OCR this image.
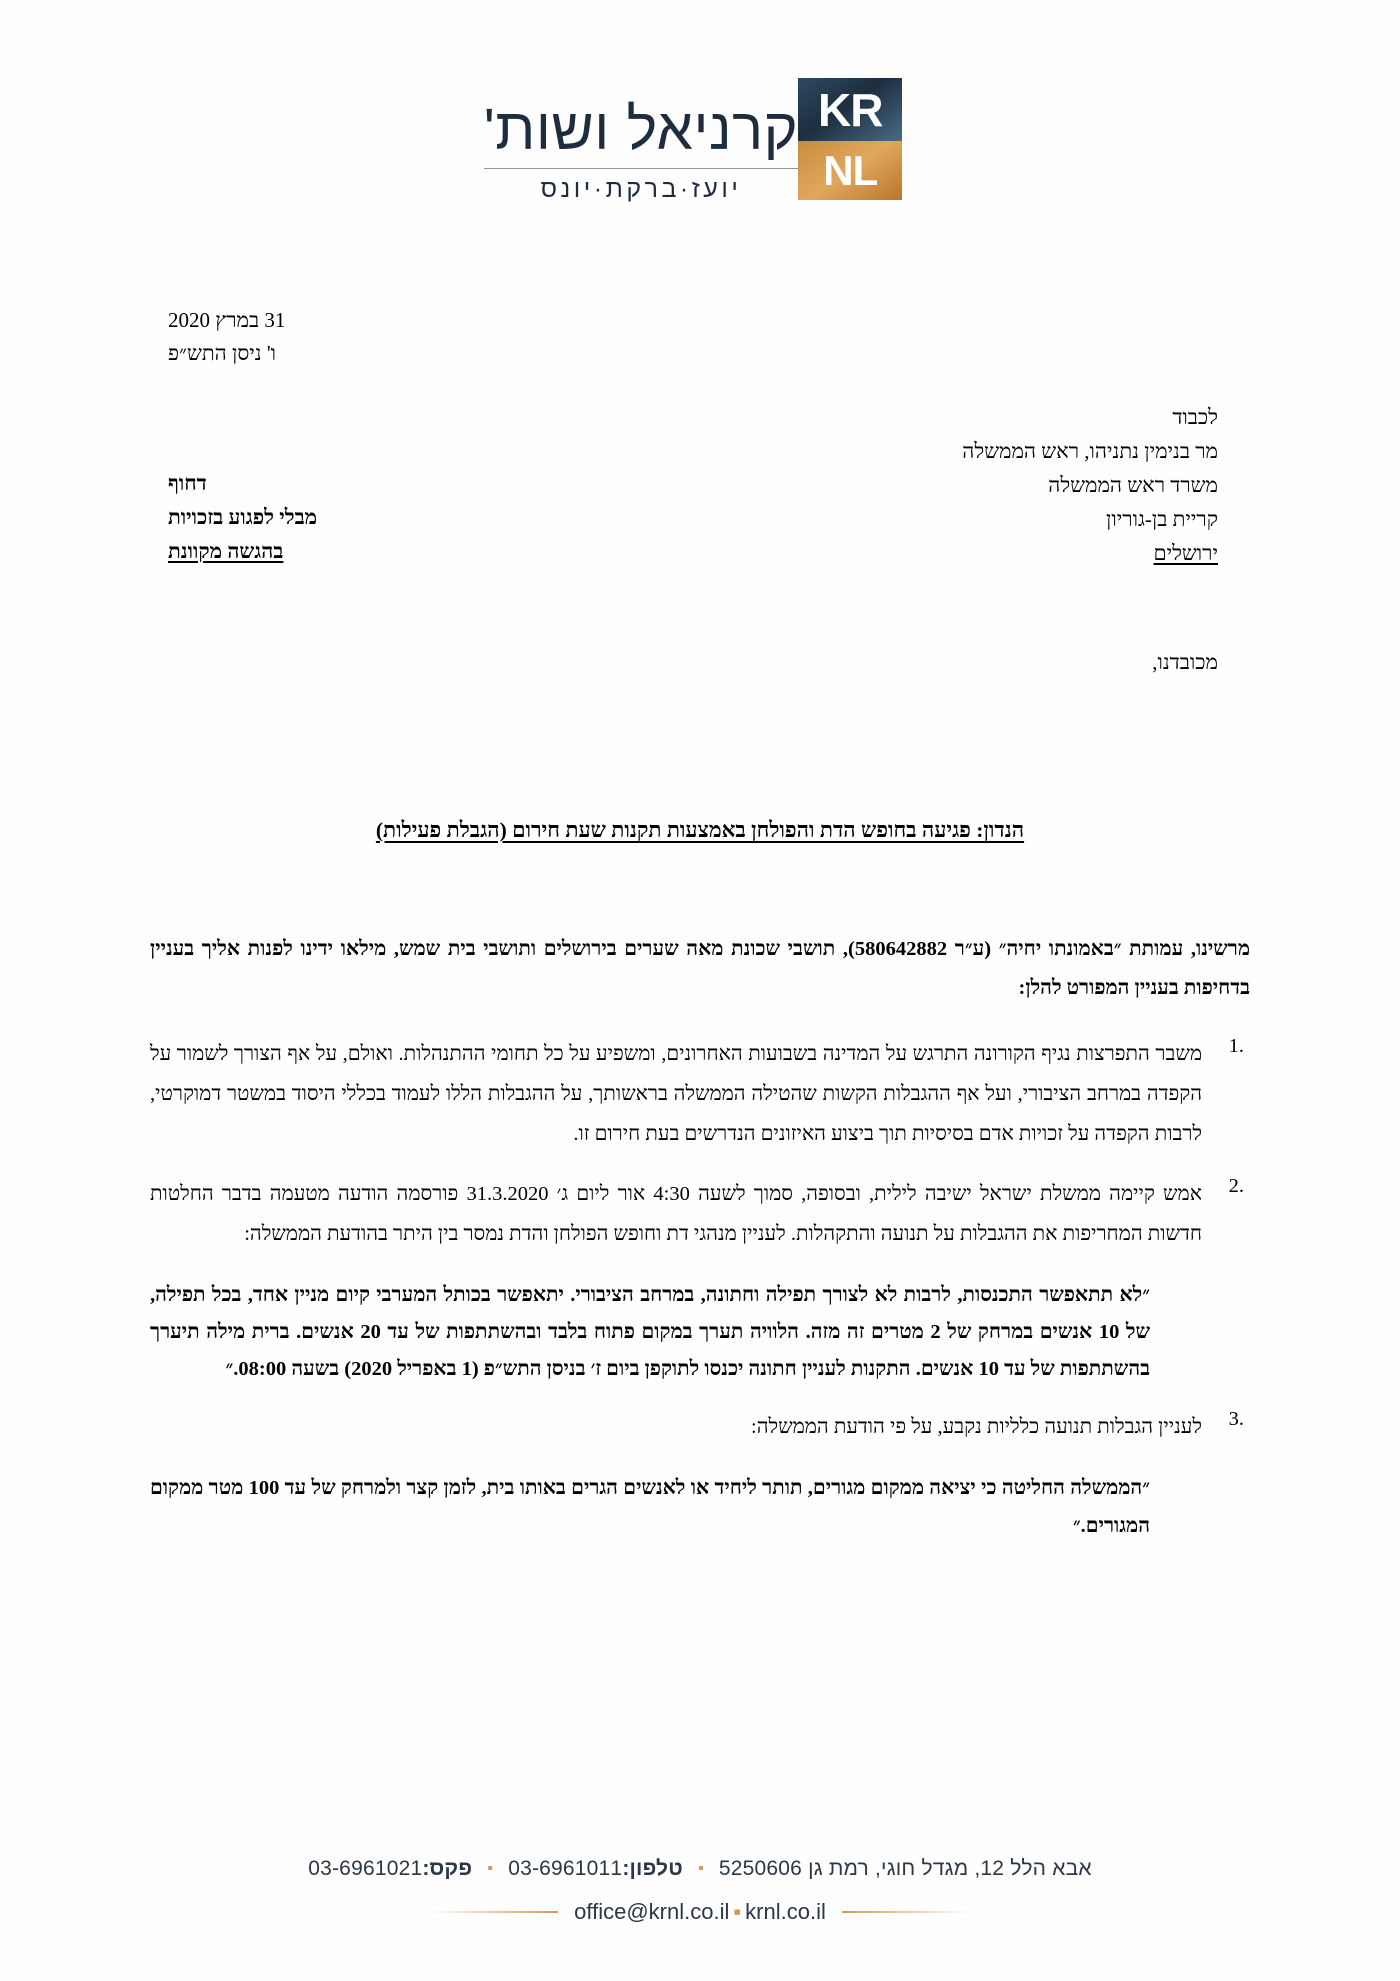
KR
NL
קרניאל ושות'
יועז·ברקת·יונס
31 במרץ 2020
ו' ניסן התש״פ
לכבוד
מר בנימין נתניהו, ראש הממשלה
משרד ראש הממשלה
קריית בן-גוריון
ירושלים
דחוף
מבלי לפגוע בזכויות
בהגשה מקוונת
מכובדנו,
הנדון: פגיעה בחופש הדת והפולחן באמצעות תקנות שעת חירום (הגבלת פעילות)
מרשינו, עמותת ״באמונתו יחיה״ (ע״ר 580642882), תושבי שכונת מאה שערים בירושלים ותושבי בית שמש, מילאו ידינו לפנות אליך בעניין בדחיפות בעניין המפורט להלן:
משבר התפרצות נגיף הקורונה התרגש על המדינה בשבועות האחרונים, ומשפיע על כל תחומי ההתנהלות. ואולם, על אף הצורך לשמור על הקפדה במרחב הציבורי, ועל אף ההגבלות הקשות שהטילה הממשלה בראשותך, על ההגבלות הללו לעמוד בכללי היסוד במשטר דמוקרטי, לרבות הקפדה על זכויות אדם בסיסיות תוך ביצוע האיזונים הנדרשים בעת חירום זו.
אמש קיימה ממשלת ישראל ישיבה לילית, ובסופה, סמוך לשעה 4:30 אור ליום ג׳ 31.3.2020 פורסמה הודעה מטעמה בדבר החלטות חדשות המחריפות את ההגבלות על תנועה והתקהלות. לעניין מנהגי דת וחופש הפולחן והדת נמסר בין היתר בהודעת הממשלה:
״לא תתאפשר התכנסות, לרבות לא לצורך תפילה וחתונה, במרחב הציבורי. יתאפשר בכותל המערבי קיום מניין אחד, בכל תפילה, של 10 אנשים במרחק של 2 מטרים זה מזה. הלוויה תערך במקום פתוח בלבד ובהשתתפות של עד 20 אנשים. ברית מילה תיערך בהשתתפות של עד 10 אנשים. התקנות לעניין חתונה יכנסו לתוקפן ביום ז׳ בניסן התש״פ (1 באפריל 2020) בשעה 08:00.״
לעניין הגבלות תנועה כלליות נקבע, על פי הודעת הממשלה:
״הממשלה החליטה כי יציאה ממקום מגורים, תותר ליחיד או לאנשים הגרים באותו בית, לזמן קצר ולמרחק של עד 100 מטר ממקום המגורים.״
אבא הלל 12, מגדל חוגי, רמת גן 5250606 ▪ טלפון:03-6961011 ▪ פקס:03-6961021
office@krnl.co.il ▪ krnl.co.il
